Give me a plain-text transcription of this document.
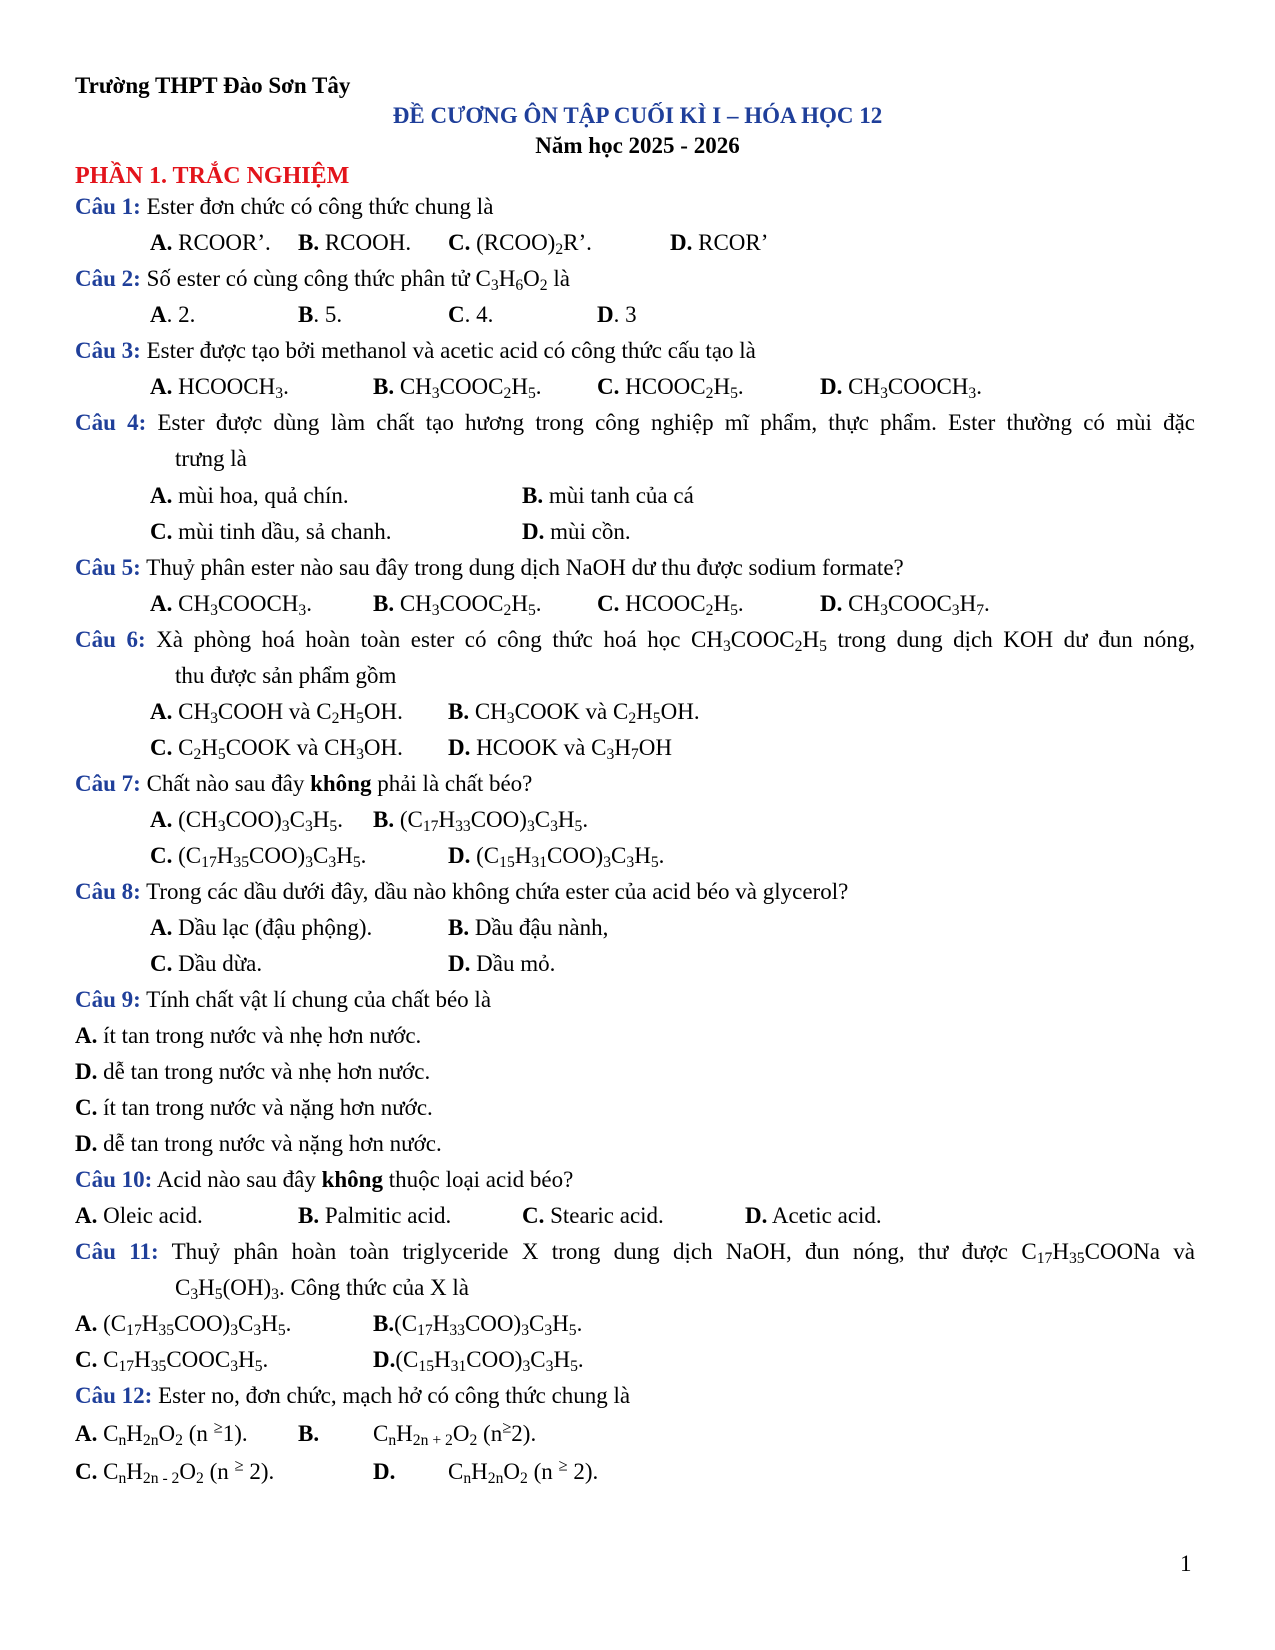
Trường THPT Đào Sơn Tây
ĐỀ CƯƠNG ÔN TẬP CUỐI KÌ I – HÓA HỌC 12
Năm học 2025 - 2026
PHẦN 1. TRẮC NGHIỆM
Câu 1: Ester đơn chức có công thức chung là
A. RCOOR’. B. RCOOH. C. $(RCOO)_2R$’.	D. RCOR’
Câu 2: Số ester có cùng công thức phân tử $C_3H_6O_2$ là
A. 2.	B. 5.	C. 4.	D. 3
Câu 3: Ester được tạo bởi methanol và acetic acid có công thức cấu tạo là
A. $HCOOCH_3$.	B. $CH_3COOC_2H_5$. C. $HCOOC_2H_5$.	D. $CH_3COOCH_3$.
Câu 4: Ester được dùng làm chất tạo hương trong công nghiệp mĩ phẩm, thực phẩm. Ester thường có mùi đặc
trưng là
A. mùi hoa, quả chín.	B. mùi tanh của cá
C. mùi tinh dầu, sả chanh.	D. mùi cồn.
Câu 5: Thuỷ phân ester nào sau đây trong dung dịch NaOH dư thu được sodium formate?
A. $CH_3COOCH_3$.	B. $CH_3COOC_2H_5$. C. $HCOOC_2H_5$.	D. $CH_3COOC_3H_7$.
Câu 6: Xà phòng hoá hoàn toàn ester có công thức hoá học $CH_3COOC_2H_5$ trong dung dịch KOH dư đun nóng,
thu được sản phẩm gồm
A. $CH_3COOH$ và $C_2H_5OH$. B. $CH_3COOK$ và $C_2H_5OH$.
C. $C_2H_5COOK$ và $CH_3OH$. D. HCOOK và $C_3H_7OH$
Câu 7: Chất nào sau đây không phải là chất béo?
A. $(CH_3COO)_3C_3H_5$. B. $(C_{17}H_{33}COO)_3C_3H_5$.
C. $(C_{17}H_{35}COO)_3C_3H_5$.	D. $(C_{15}H_{31}COO)_3C_3H_5$.
Câu 8: Trong các dầu dưới đây, dầu nào không chứa ester của acid béo và glycerol?
A. Dầu lạc (đậu phộng).	B. Dầu đậu nành,
C. Dầu dừa.	D. Dầu mỏ.
Câu 9: Tính chất vật lí chung của chất béo là
A. ít tan trong nước và nhẹ hơn nước.
D. dễ tan trong nước và nhẹ hơn nước.
C. ít tan trong nước và nặng hơn nước.
D. dễ tan trong nước và nặng hơn nước.
Câu 10: Acid nào sau đây không thuộc loại acid béo?
A. Oleic acid.	B. Palmitic acid.	C. Stearic acid.	D. Acetic acid.
Câu 11: Thuỷ phân hoàn toàn triglyceride X trong dung dịch NaOH, đun nóng, thư được $C_{17}H_{35}COONa$ và
$C_3H_5(OH)_3$. Công thức của X là
A. $(C_{17}H_{35}COO)_3C_3H_5$.	$B.(C_{17}H_{33}COO)_3C_3H_5$.
C. $C_{17}H_{35}COOC_3H_5$.	$D.(C_{15}H_{31}COO)_3C_3H_5$.
Câu 12: Ester no, đơn chức, mạch hở có công thức chung là
A. $C_nH_{2n}O_2$ (n ≥1). B. $C_nH_{2n + 2}O_2$ (n≥2).
C. $C_nH_{2n - 2}O_2$ (n ≥ 2).	D. $C_nH_{2n}O_2$ (n ≥ 2).
1
